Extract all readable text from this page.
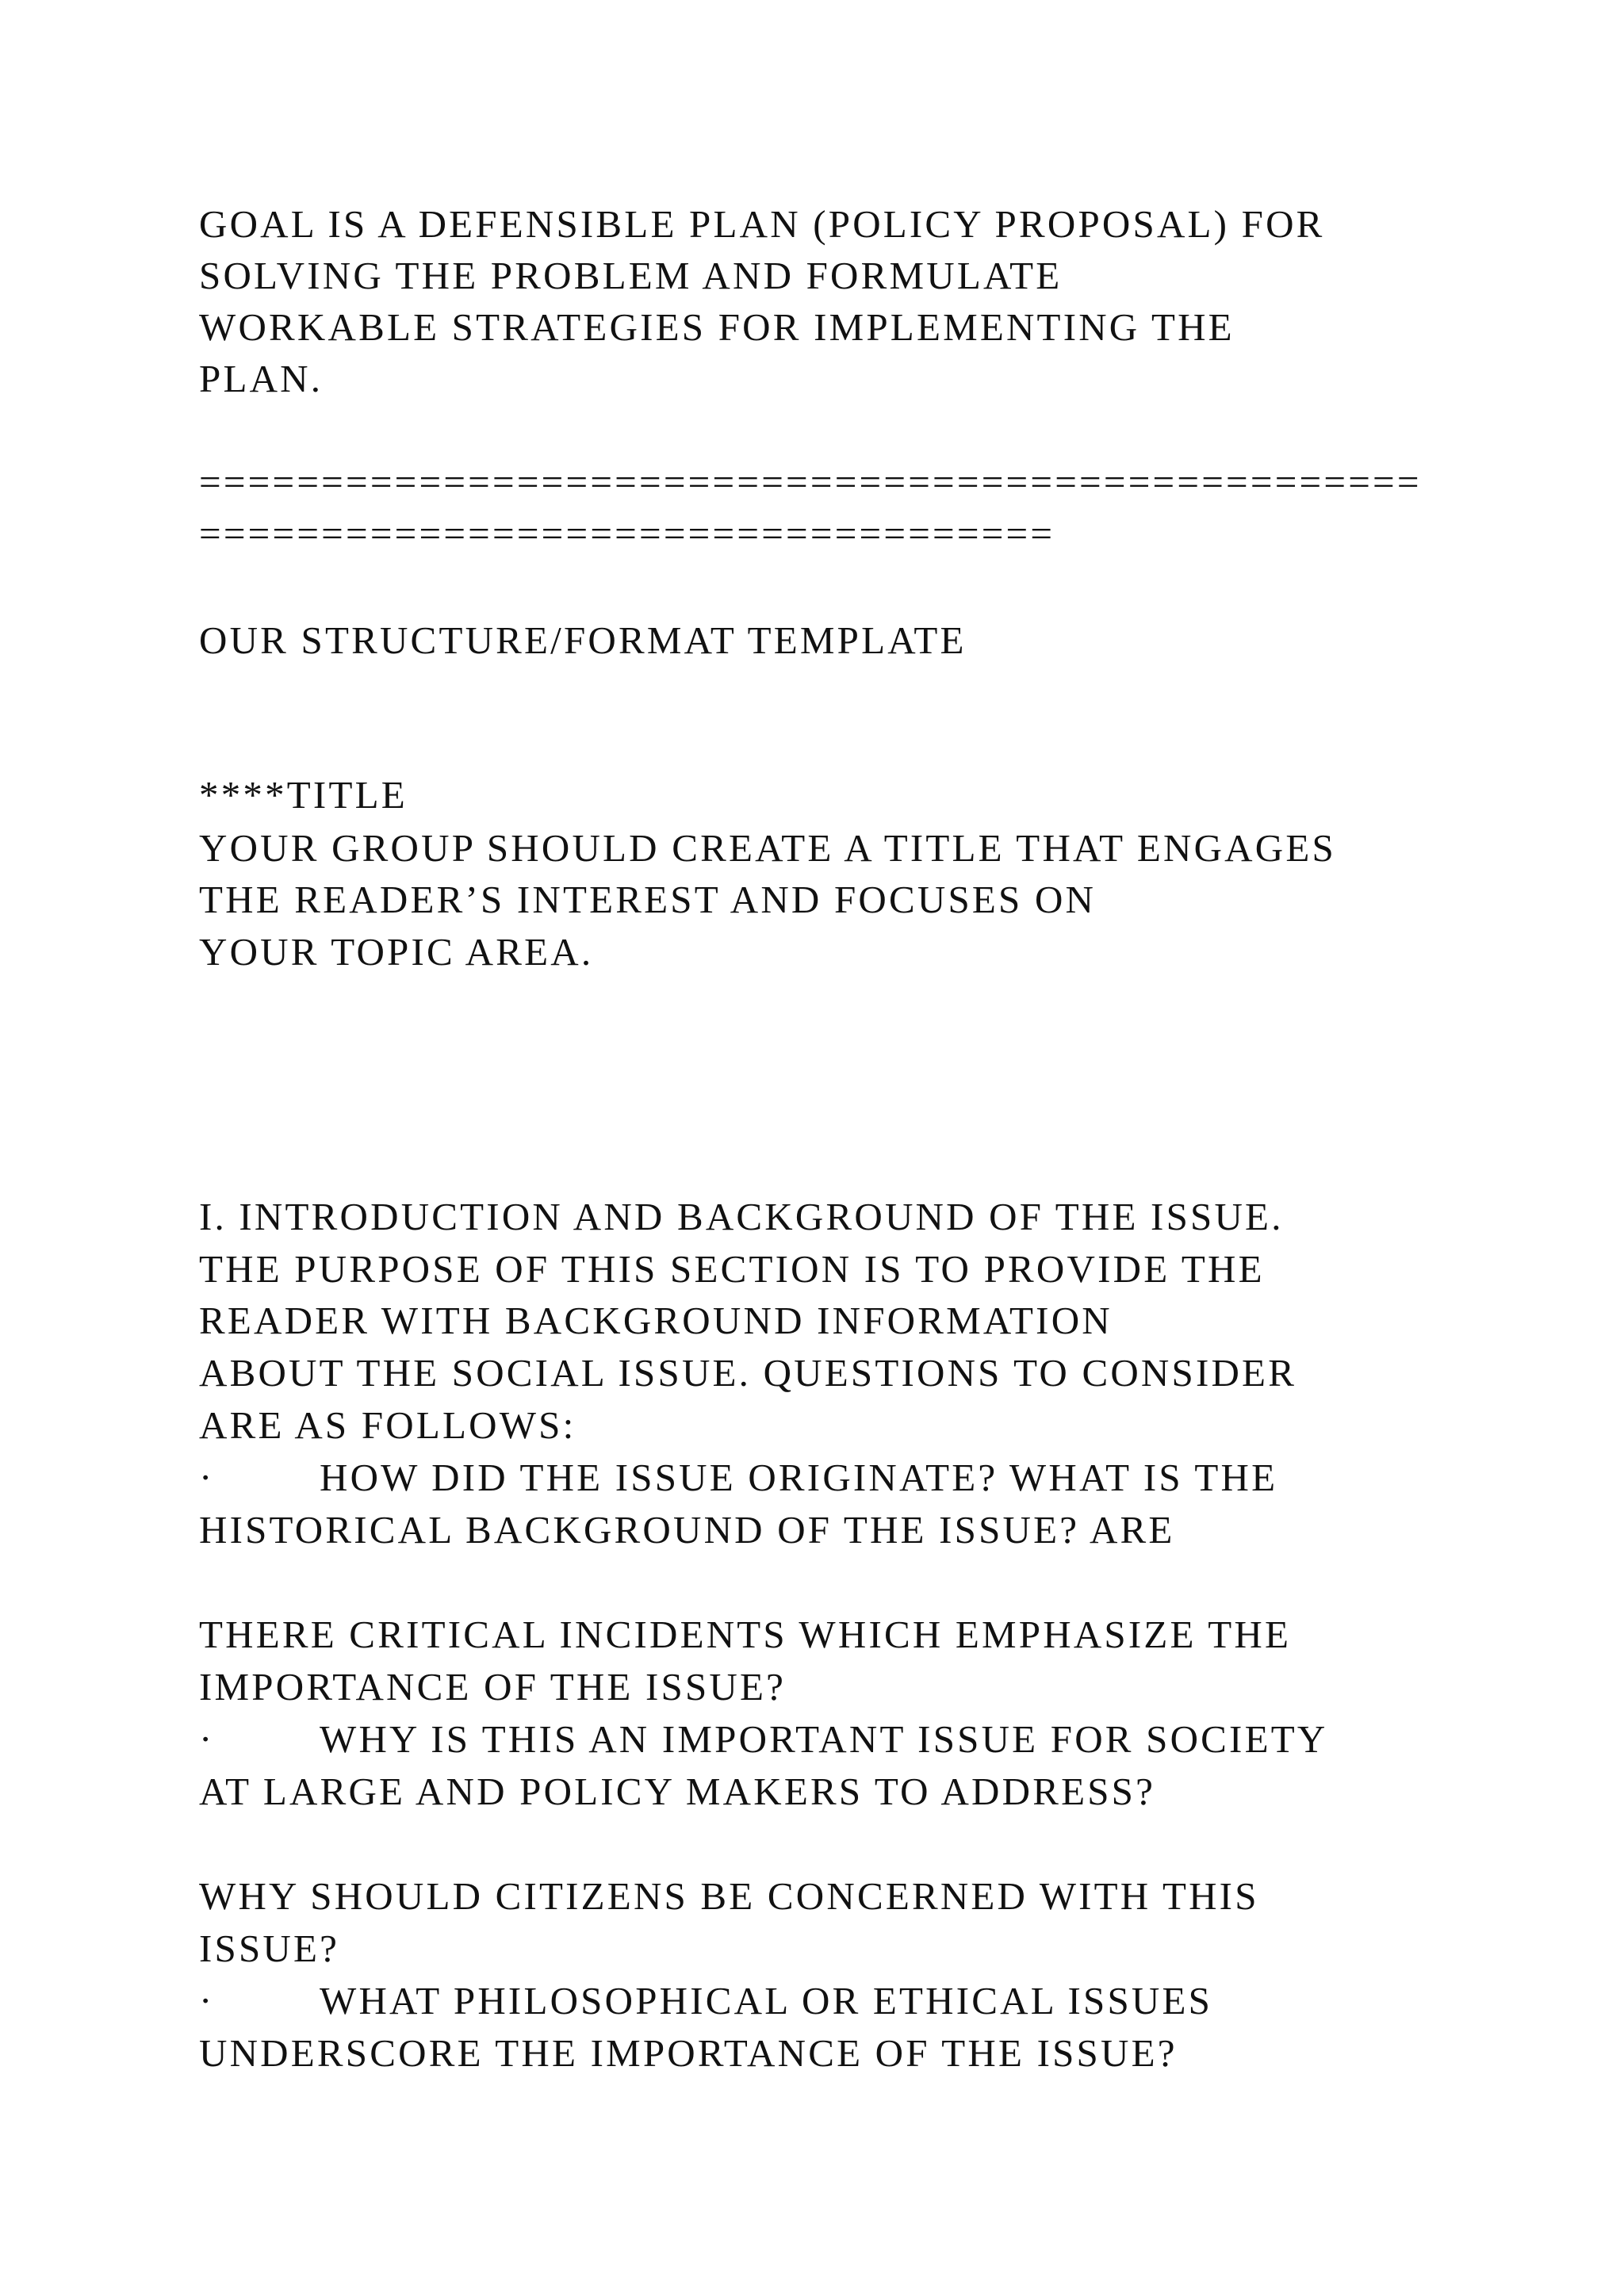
GOAL IS A DEFENSIBLE PLAN (POLICY PROPOSAL) FOR

SOLVING THE PROBLEM AND FORMULATE

WORKABLE STRATEGIES FOR IMPLEMENTING THE

PLAN.

==================================================

===================================

OUR STRUCTURE/FORMAT TEMPLATE

****TITLE

YOUR GROUP SHOULD CREATE A TITLE THAT ENGAGES

THE READER’S INTEREST AND FOCUSES ON

YOUR TOPIC AREA.

I. INTRODUCTION AND BACKGROUND OF THE ISSUE.

THE PURPOSE OF THIS SECTION IS TO PROVIDE THE

READER WITH BACKGROUND INFORMATION

ABOUT THE SOCIAL ISSUE. QUESTIONS TO CONSIDER

ARE AS FOLLOWS:

·

	HOW DID THE ISSUE ORIGINATE? WHAT IS THE

HISTORICAL BACKGROUND OF THE ISSUE? ARE

THERE CRITICAL INCIDENTS WHICH EMPHASIZE THE

IMPORTANCE OF THE ISSUE?

·

	WHY IS THIS AN IMPORTANT ISSUE FOR SOCIETY

AT LARGE AND POLICY MAKERS TO ADDRESS?

WHY SHOULD CITIZENS BE CONCERNED WITH THIS

ISSUE?

·

	WHAT PHILOSOPHICAL OR ETHICAL ISSUES

UNDERSCORE THE IMPORTANCE OF THE ISSUE?
